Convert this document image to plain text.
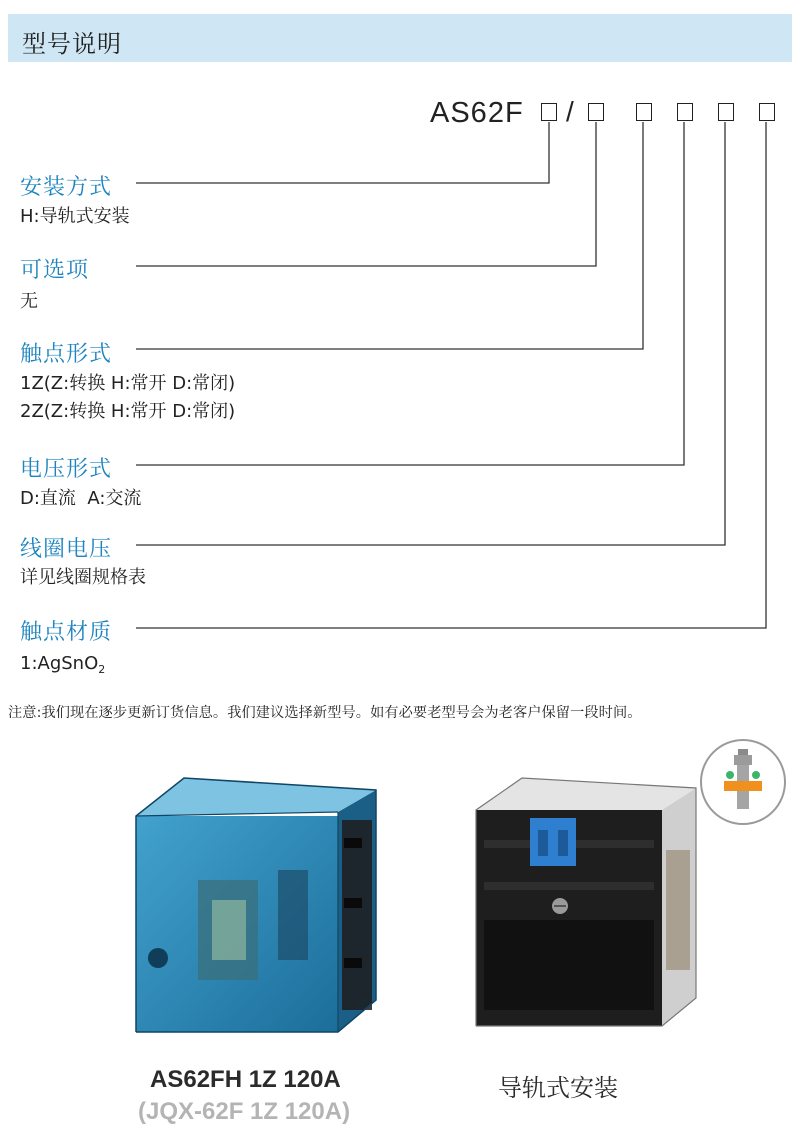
型号说明
AS62F /
安装方式
H:导轨式安装
可选项
无
触点形式
1Z(Z:转换 H:常开 D:常闭)
2Z(Z:转换 H:常开 D:常闭)
电压形式
D:直流  A:交流
线圈电压
详见线圈规格表
触点材质
1:AgSnO$_2$
注意:我们现在逐步更新订货信息。我们建议选择新型号。如有必要老型号会为老客户保留一段时间。
AS62FH 1Z 120A
(JQX-62F 1Z 120A)
导轨式安装
